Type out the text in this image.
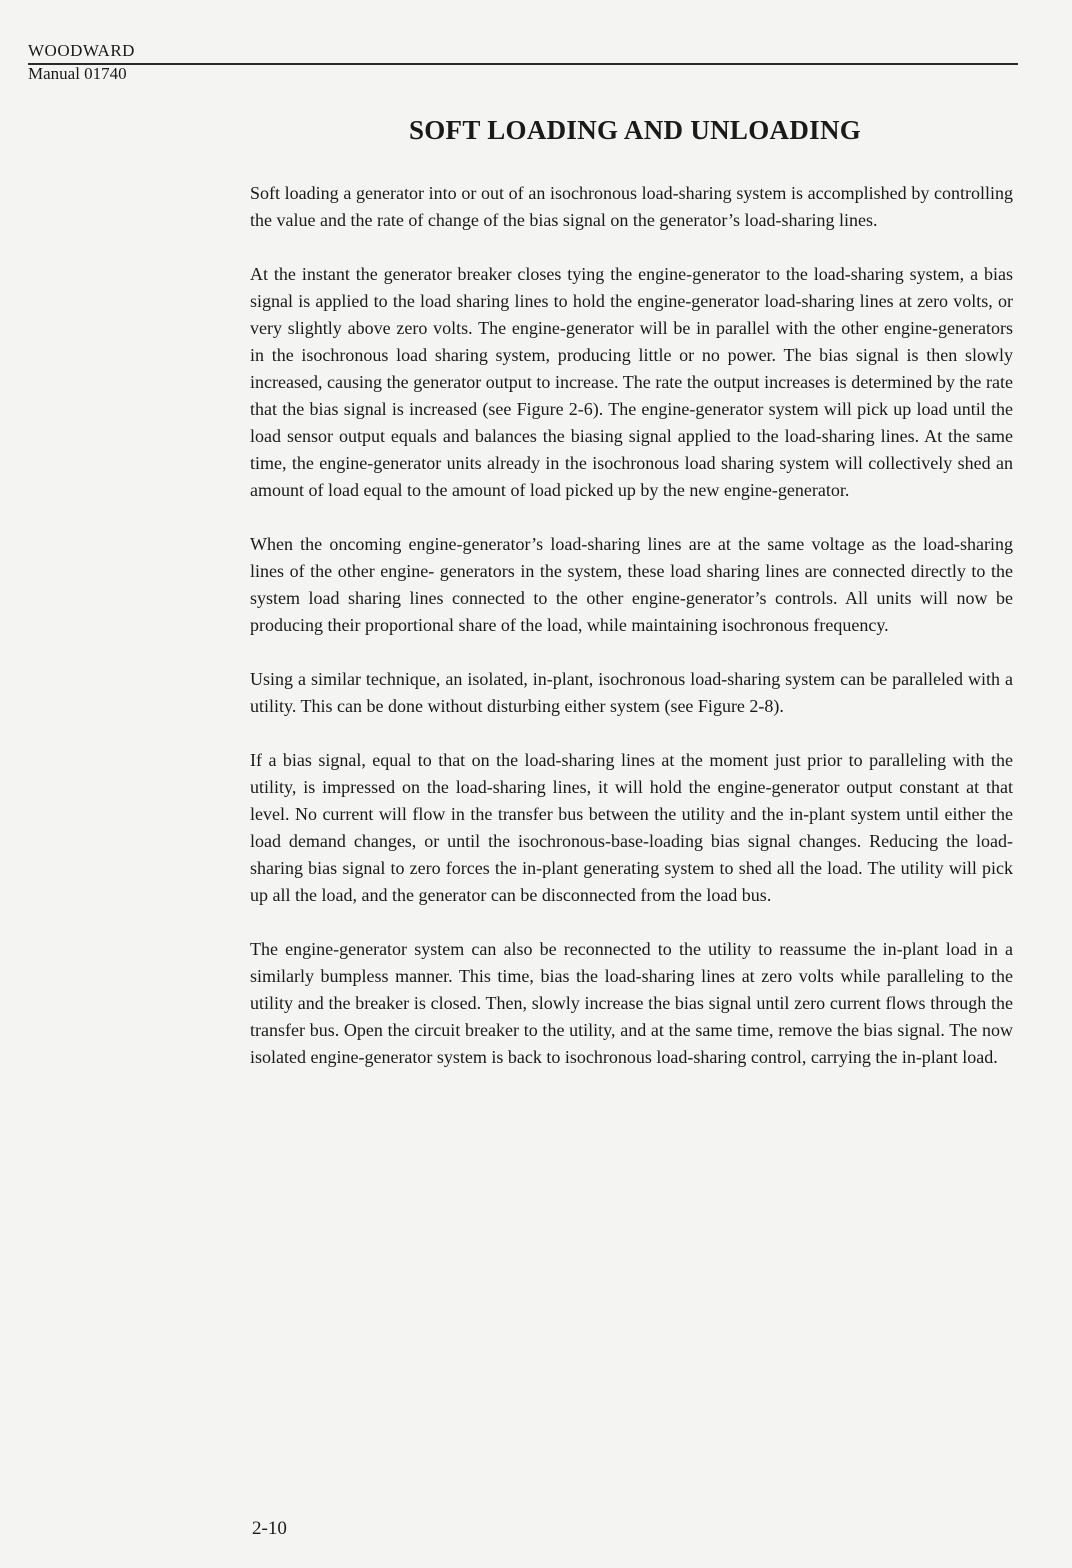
WOODWARD
Manual 01740
SOFT LOADING AND UNLOADING

Soft loading a generator into or out of an isochronous load-sharing system is accomplished by controlling the value and the rate of change of the bias signal on the generator’s load-sharing lines.

At the instant the generator breaker closes tying the engine-generator to the load-sharing system, a bias signal is applied to the load sharing lines to hold the engine-generator load-sharing lines at zero volts, or very slightly above zero volts. The engine-generator will be in parallel with the other engine-generators in the isochronous load sharing system, producing little or no power. The bias signal is then slowly increased, causing the generator output to increase. The rate the output increases is determined by the rate that the bias signal is increased (see Figure 2-6). The engine-generator system will pick up load until the load sensor output equals and balances the biasing signal applied to the load-sharing lines. At the same time, the engine-generator units already in the isochronous load sharing system will collectively shed an amount of load equal to the amount of load picked up by the new engine-generator.

When the oncoming engine-generator’s load-sharing lines are at the same voltage as the load-sharing lines of the other engine- generators in the system, these load sharing lines are connected directly to the system load sharing lines connected to the other engine-generator’s controls. All units will now be producing their proportional share of the load, while maintaining isochronous frequency.

Using a similar technique, an isolated, in-plant, isochronous load-sharing system can be paralleled with a utility. This can be done without disturbing either system (see Figure 2-8).

If a bias signal, equal to that on the load-sharing lines at the moment just prior to paralleling with the utility, is impressed on the load-sharing lines, it will hold the engine-generator output constant at that level. No current will flow in the transfer bus between the utility and the in-plant system until either the load demand changes, or until the isochronous-base-loading bias signal changes. Reducing the load-sharing bias signal to zero forces the in-plant generating system to shed all the load. The utility will pick up all the load, and the generator can be disconnected from the load bus.

The engine-generator system can also be reconnected to the utility to reassume the in-plant load in a similarly bumpless manner. This time, bias the load-sharing lines at zero volts while paralleling to the utility and the breaker is closed. Then, slowly increase the bias signal until zero current flows through the transfer bus. Open the circuit breaker to the utility, and at the same time, remove the bias signal. The now isolated engine-generator system is back to isochronous load-sharing control, carrying the in-plant load.

2-10
